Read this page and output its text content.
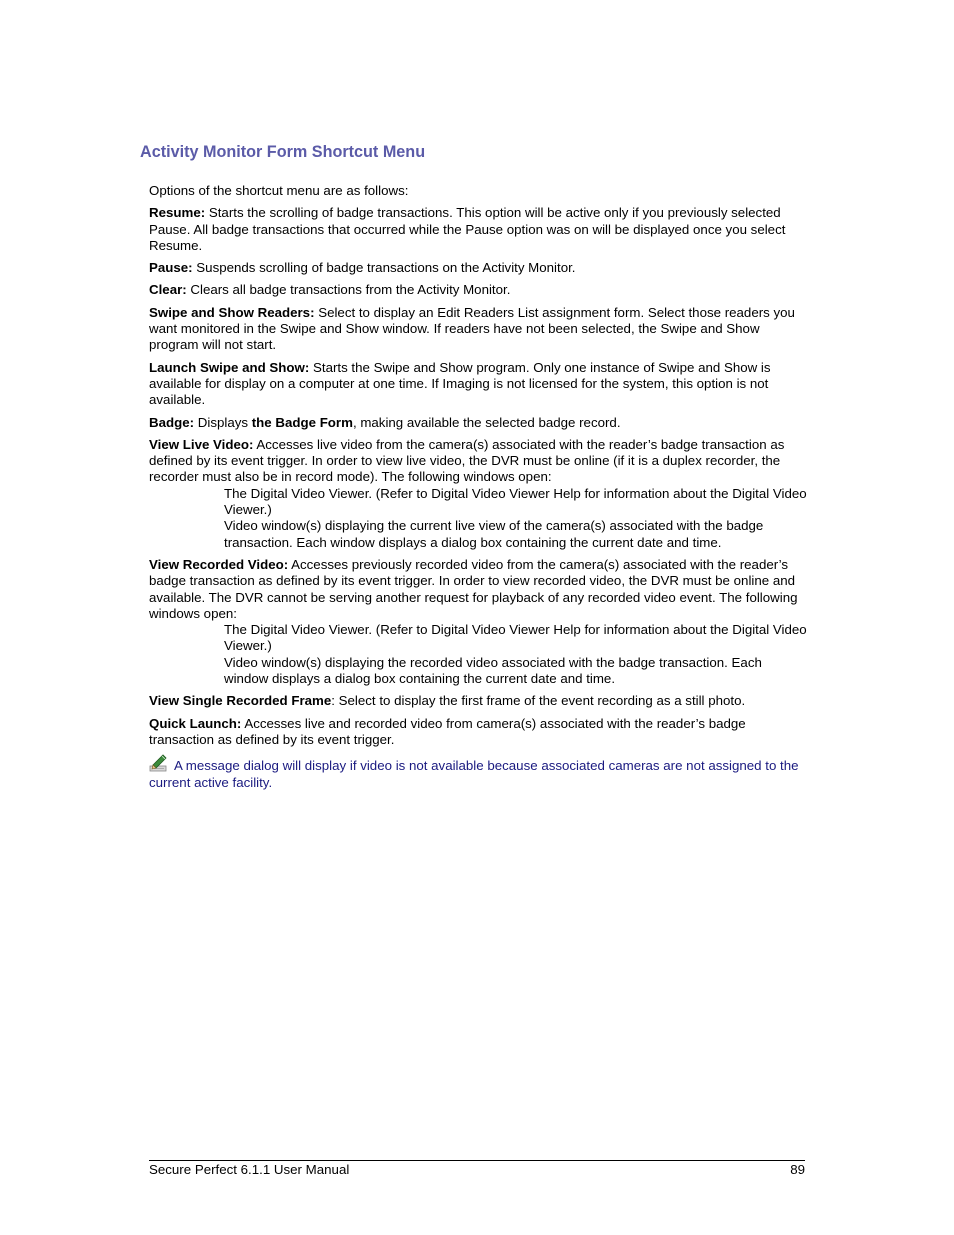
Activity Monitor Form Shortcut Menu

Options of the shortcut menu are as follows:

Resume: Starts the scrolling of badge transactions. This option will be active only if you previously selected Pause. All badge transactions that occurred while the Pause option was on will be displayed once you select Resume.

Pause: Suspends scrolling of badge transactions on the Activity Monitor.

Clear: Clears all badge transactions from the Activity Monitor.

Swipe and Show Readers: Select to display an Edit Readers List assignment form. Select those readers you want monitored in the Swipe and Show window. If readers have not been selected, the Swipe and Show program will not start.

Launch Swipe and Show: Starts the Swipe and Show program. Only one instance of Swipe and Show is available for display on a computer at one time. If Imaging is not licensed for the system, this option is not available.

Badge: Displays the Badge Form, making available the selected badge record.

View Live Video: Accesses live video from the camera(s) associated with the reader’s badge transaction as defined by its event trigger. In order to view live video, the DVR must be online (if it is a duplex recorder, the recorder must also be in record mode). The following windows open:

The Digital Video Viewer. (Refer to Digital Video Viewer Help for information about the Digital Video Viewer.)

Video window(s) displaying the current live view of the camera(s) associated with the badge transaction. Each window displays a dialog box containing the current date and time.

View Recorded Video: Accesses previously recorded video from the camera(s) associated with the reader’s badge transaction as defined by its event trigger. In order to view recorded video, the DVR must be online and available. The DVR cannot be serving another request for playback of any recorded video event. The following windows open:

The Digital Video Viewer. (Refer to Digital Video Viewer Help for information about the Digital Video Viewer.)

Video window(s) displaying the recorded video associated with the badge transaction. Each window displays a dialog box containing the current date and time.

View Single Recorded Frame: Select to display the first frame of the event recording as a still photo.

Quick Launch: Accesses live and recorded video from camera(s) associated with the reader’s badge transaction as defined by its event trigger.

A message dialog will display if video is not available because associated cameras are not assigned to the current active facility.

Secure Perfect 6.1.1 User Manual	89
